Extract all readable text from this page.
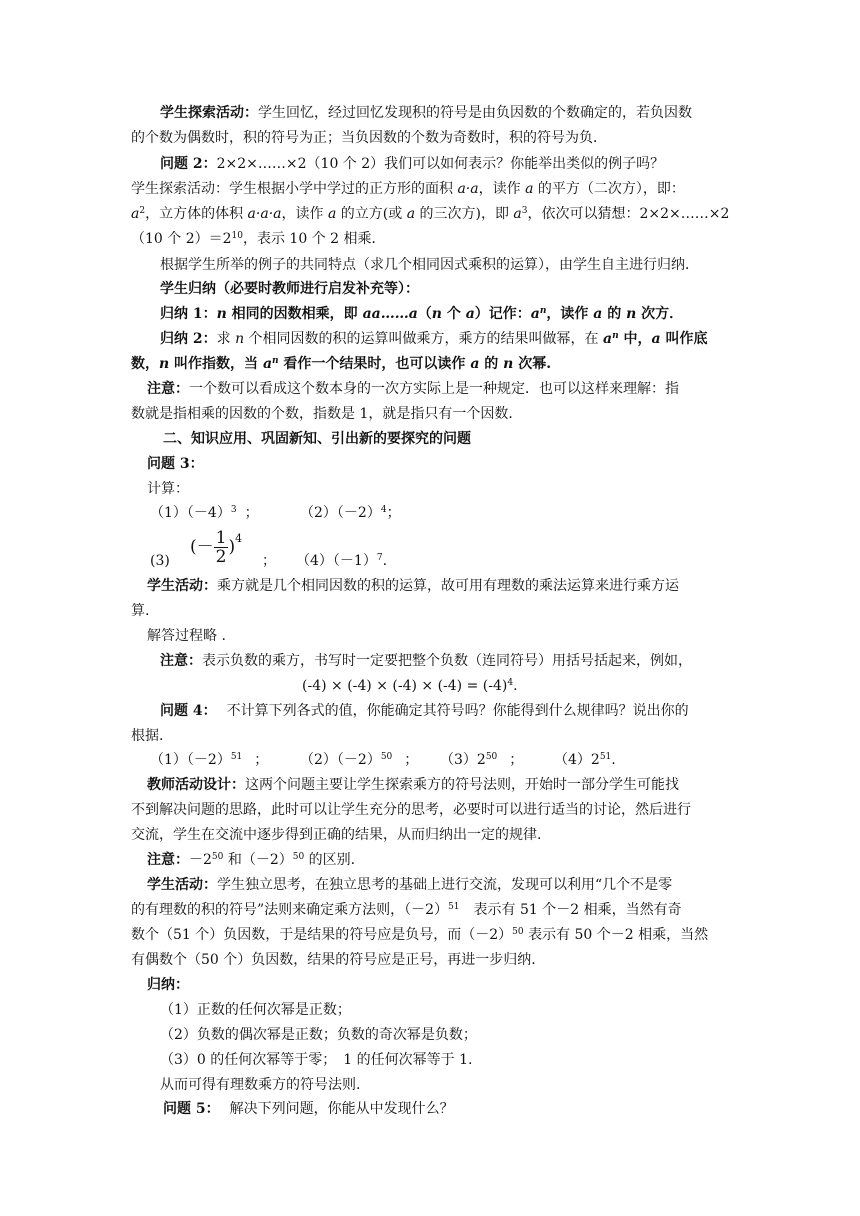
学生探索活动：学生回忆，经过回忆发现积的符号是由负因数的个数确定的，若负因数
的个数为偶数时，积的符号为正；当负因数的个数为奇数时，积的符号为负．
问题 2：2×2×……×2（10 个 2）我们可以如何表示？你能举出类似的例子吗？
学生探索活动：学生根据小学中学过的正方形的面积 a·a，读作 a 的平方（二次方），即：
$a^2$，立方体的体积 a·a·a，读作 a 的立方(或 a 的三次方)，即 $a^3$，依次可以猜想：2×2×……×2
（10 个 $2)=2^{10}$，表示 10 个 2 相乘．
根据学生所举的例子的共同特点（求几个相同因式乘积的运算），由学生自主进行归纳．
学生归纳（必要时教师进行启发补充等）：
归纳 1：n 相同的因数相乘，即 aa……a（n 个 a）记作：$a^n$，读作 a 的 n 次方．
归纳 2：求 n 个相同因数的积的运算叫做乘方，乘方的结果叫做幂，在 $a^n$ 中，a 叫作底
数，n 叫作指数，当 $a^n$ 看作一个结果时，也可以读作 a 的 n 次幂.
注意：一个数可以看成这个数本身的一次方实际上是一种规定．也可以这样来理解：指
数就是指相乘的因数的个数，指数是 1，就是指只有一个因数．
二、知识应用、巩固新知、引出新的要探究的问题
问题 3：
计算：
$(1)(-4)^3$ ；	$(2)(-2)^4$；
(3)
(－ $\frac{1}{2} )^4$
； $(4)(-1)^7$.
学生活动：乘方就是几个相同因数的积的运算，故可用有理数的乘法运算来进行乘方运
算.
解答过程略 .
注意：表示负数的乘方，书写时一定要把整个负数（连同符号）用括号括起来，例如，
$(-4) \times (-4) \times (-4) \times (-4) = (-4)^4$.
问题 4： 不计算下列各式的值，你能确定其符号吗？你能得到什么规律吗？说出你的
根据.
$(1)(-2)^{51}$ ； $(2)(-2)^{50}$ ； $(3)2^{50}$ ； $(4)2^{51}$.
教师活动设计：这两个问题主要让学生探索乘方的符号法则，开始时一部分学生可能找
不到解决问题的思路，此时可以让学生充分的思考，必要时可以进行适当的讨论，然后进行
交流，学生在交流中逐步得到正确的结果，从而归纳出一定的规律.
注意：$-2^{50}$ 和$(-2)^{50}$ 的区别.
学生活动：学生独立思考，在独立思考的基础上进行交流，发现可以利用“几个不是零
的有理数的积的符号”法则来确定乘方法则，$(-2)^{51}$　表示有 51 个－2 相乘，当然有奇
数个（51 个）负因数，于是结果的符号应是负号，而$(-2)^{50}$ 表示有 50 个－2 相乘，当然
有偶数个（50 个）负因数，结果的符号应是正号，再进一步归纳.
归纳：
（1）正数的任何次幂是正数；
（2）负数的偶次幂是正数；负数的奇次幂是负数；
（3）0 的任何次幂等于零；　1 的任何次幂等于 1.
从而可得有理数乘方的符号法则.
问题 5： 解决下列问题，你能从中发现什么？
